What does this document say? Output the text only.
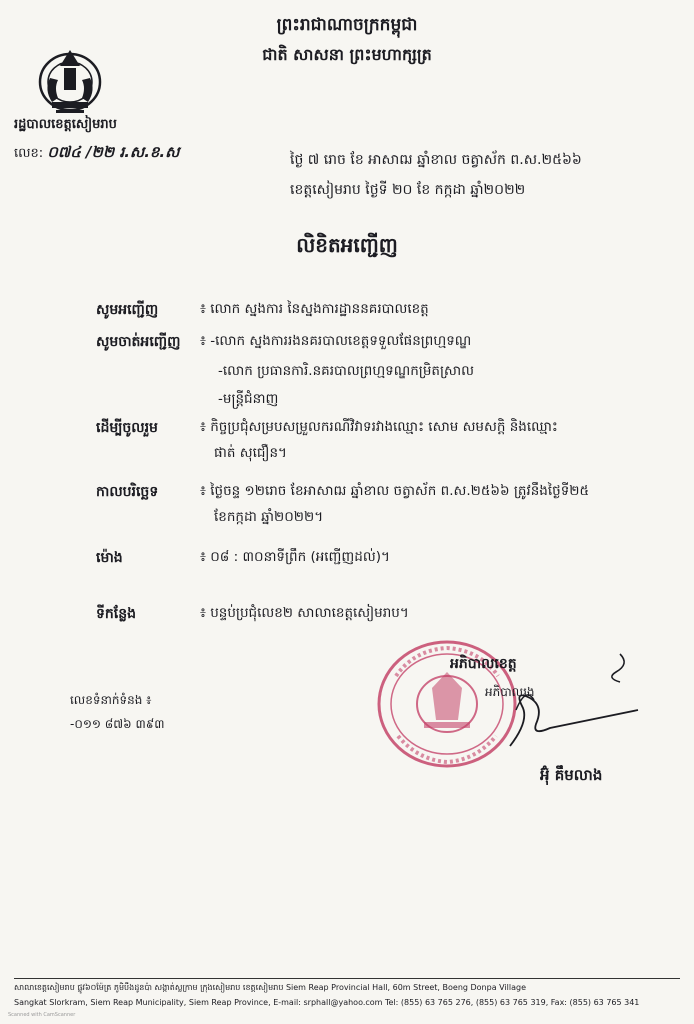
ព្រះរាជាណាចក្រកម្ពុជា
ជាតិ សាសនា ព្រះមហាក្សត្រ
រដ្ឋបាលខេត្តសៀមរាប
លេខ: ០៧៤ /២២ រ.ស.ខ.ស	ថ្ងៃ ៧ រោច ខែ អាសាឍ ឆ្នាំខាល ចត្វាស័ក ព.ស.២៥៦៦
ខេត្តសៀមរាប ថ្ងៃទី ២០ ខែ កក្កដា ឆ្នាំ២០២២
លិខិតអញ្ជើញ
សូមអញ្ជើញ	៖ លោក ស្នងការ នៃស្នងការដ្ឋាននគរបាលខេត្ត
សូមចាត់អញ្ជើញ ៖ -លោក ស្នងការរងនគរបាលខេត្តទទួលផែនព្រហ្មទណ្ឌ
-លោក ប្រធានការិ.នគរបាលព្រហ្មទណ្ឌកម្រិតស្រាល
-មន្ត្រីជំនាញ
ដើម្បីចូលរួម	៖ កិច្ចប្រជុំសម្របសម្រួលករណីវិវាទរវាងឈ្មោះ សោម សមសក្តិ និងឈ្មោះ
ផាត់ សុជឿន។
កាលបរិច្ឆេទ	៖ ថ្ងៃចន្ទ ១២រោច ខែអាសាឍ ឆ្នាំខាល ចត្វាស័ក ព.ស.២៥៦៦ ត្រូវនឹងថ្ងៃទី២៥
ខែកក្កដា ឆ្នាំ២០២២។
ម៉ោង	៖ ០៨ : ៣០នាទីព្រឹក (អញ្ជើញដល់)។
ទីកន្លែង	៖ បន្ទប់ប្រជុំលេខ២ សាលាខេត្តសៀមរាប។
អភិបាលខេត្ត
អភិបាលរង
អ៊ុំ គឹមលាង
លេខទំនាក់ទំនង ៖
-០១១ ៨៧៦ ៣៩៣
សាលាខេត្តសៀមរាប ផ្លូវ៦០ម៉ែត្រ ភូមិបឹងដូនប៉ា សង្កាត់ស្លក្រាម ក្រុងសៀមរាប ខេត្តសៀមរាប Siem Reap Provincial Hall, 60m Street, Boeng Donpa Village
Sangkat Slorkram, Siem Reap Municipality, Siem Reap Province, E-mail: srphall@yahoo.com Tel: (855) 63 765 276, (855) 63 765 319, Fax: (855) 63 765 341
Scanned with CamScanner
